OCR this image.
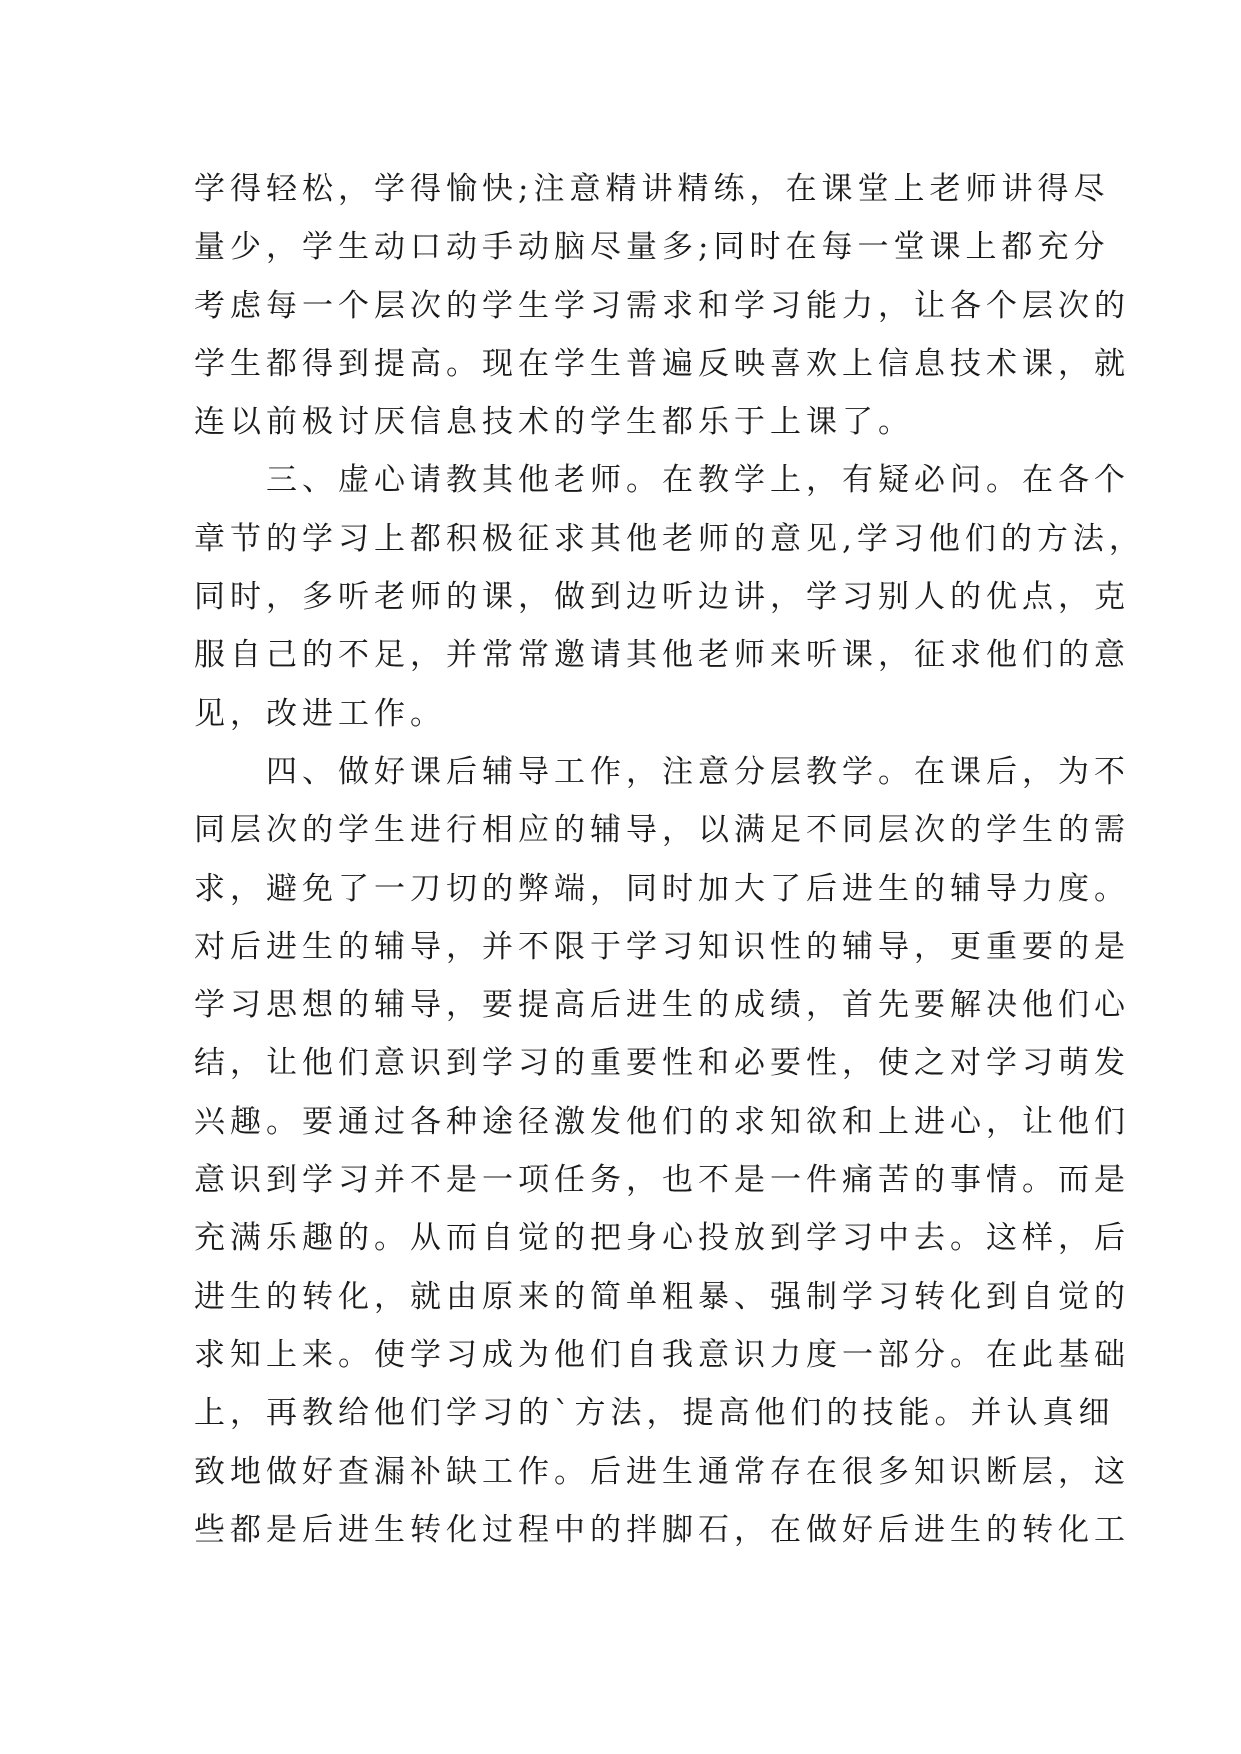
学得轻松，学得愉快;注意精讲精练，在课堂上老师讲得尽
量少，学生动口动手动脑尽量多;同时在每一堂课上都充分
考虑每一个层次的学生学习需求和学习能力，让各个层次的
学生都得到提高。现在学生普遍反映喜欢上信息技术课，就
连以前极讨厌信息技术的学生都乐于上课了。
　　三、虚心请教其他老师。在教学上，有疑必问。在各个
章节的学习上都积极征求其他老师的意见,学习他们的方法，
同时，多听老师的课，做到边听边讲，学习别人的优点，克
服自己的不足，并常常邀请其他老师来听课，征求他们的意
见，改进工作。
　　四、做好课后辅导工作，注意分层教学。在课后，为不
同层次的学生进行相应的辅导，以满足不同层次的学生的需
求，避免了一刀切的弊端，同时加大了后进生的辅导力度。
对后进生的辅导，并不限于学习知识性的辅导，更重要的是
学习思想的辅导，要提高后进生的成绩，首先要解决他们心
结，让他们意识到学习的重要性和必要性，使之对学习萌发
兴趣。要通过各种途径激发他们的求知欲和上进心，让他们
意识到学习并不是一项任务，也不是一件痛苦的事情。而是
充满乐趣的。从而自觉的把身心投放到学习中去。这样，后
进生的转化，就由原来的简单粗暴、强制学习转化到自觉的
求知上来。使学习成为他们自我意识力度一部分。在此基础
上，再教给他们学习的`方法，提高他们的技能。并认真细
致地做好查漏补缺工作。后进生通常存在很多知识断层，这
些都是后进生转化过程中的拌脚石，在做好后进生的转化工
